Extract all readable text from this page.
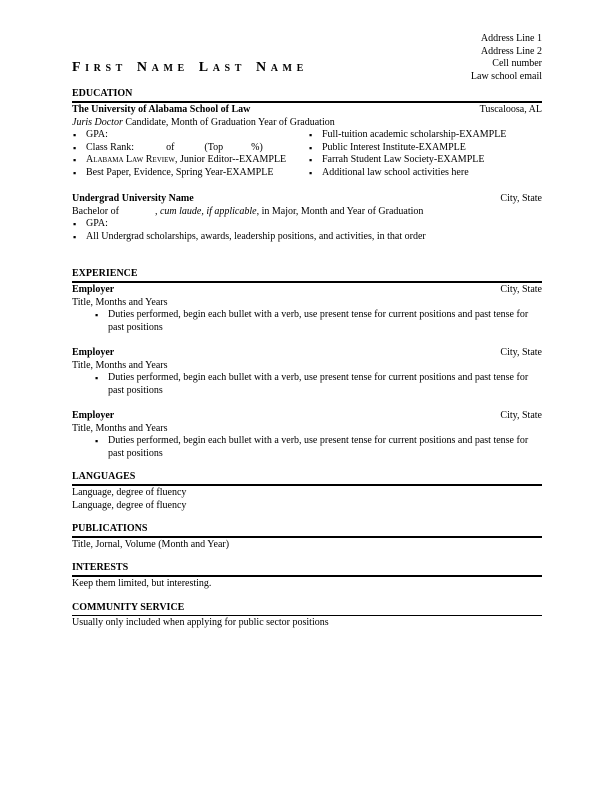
Address Line 1
Address Line 2
Cell number
Law school email
FIRST NAME LAST NAME
EDUCATION
The University of Alabama School of Law	Tuscaloosa, AL
Juris Doctor Candidate, Month of Graduation Year of Graduation
▪ GPA:
▪ Class Rank:	of	(Top	%)
▪ Alabama Law Review, Junior Editor--EXAMPLE
▪ Best Paper, Evidence, Spring Year-EXAMPLE
▪ Full-tuition academic scholarship-EXAMPLE
▪ Public Interest Institute-EXAMPLE
▪ Farrah Student Law Society-EXAMPLE
▪ Additional law school activities here
Undergrad University Name	City, State
Bachelor of	, cum laude, if applicable, in Major, Month and Year of Graduation
▪ GPA:
▪ All Undergrad scholarships, awards, leadership positions, and activities, in that order
EXPERIENCE
Employer	City, State
Title, Months and Years
▪ Duties performed, begin each bullet with a verb, use present tense for current positions and past tense for past positions
Employer	City, State
Title, Months and Years
▪ Duties performed, begin each bullet with a verb, use present tense for current positions and past tense for past positions
Employer	City, State
Title, Months and Years
▪ Duties performed, begin each bullet with a verb, use present tense for current positions and past tense for past positions
LANGUAGES
Language, degree of fluency
Language, degree of fluency
PUBLICATIONS
Title, Jornal, Volume (Month and Year)
INTERESTS
Keep them limited, but interesting.
COMMUNITY SERVICE
Usually only included when applying for public sector positions
